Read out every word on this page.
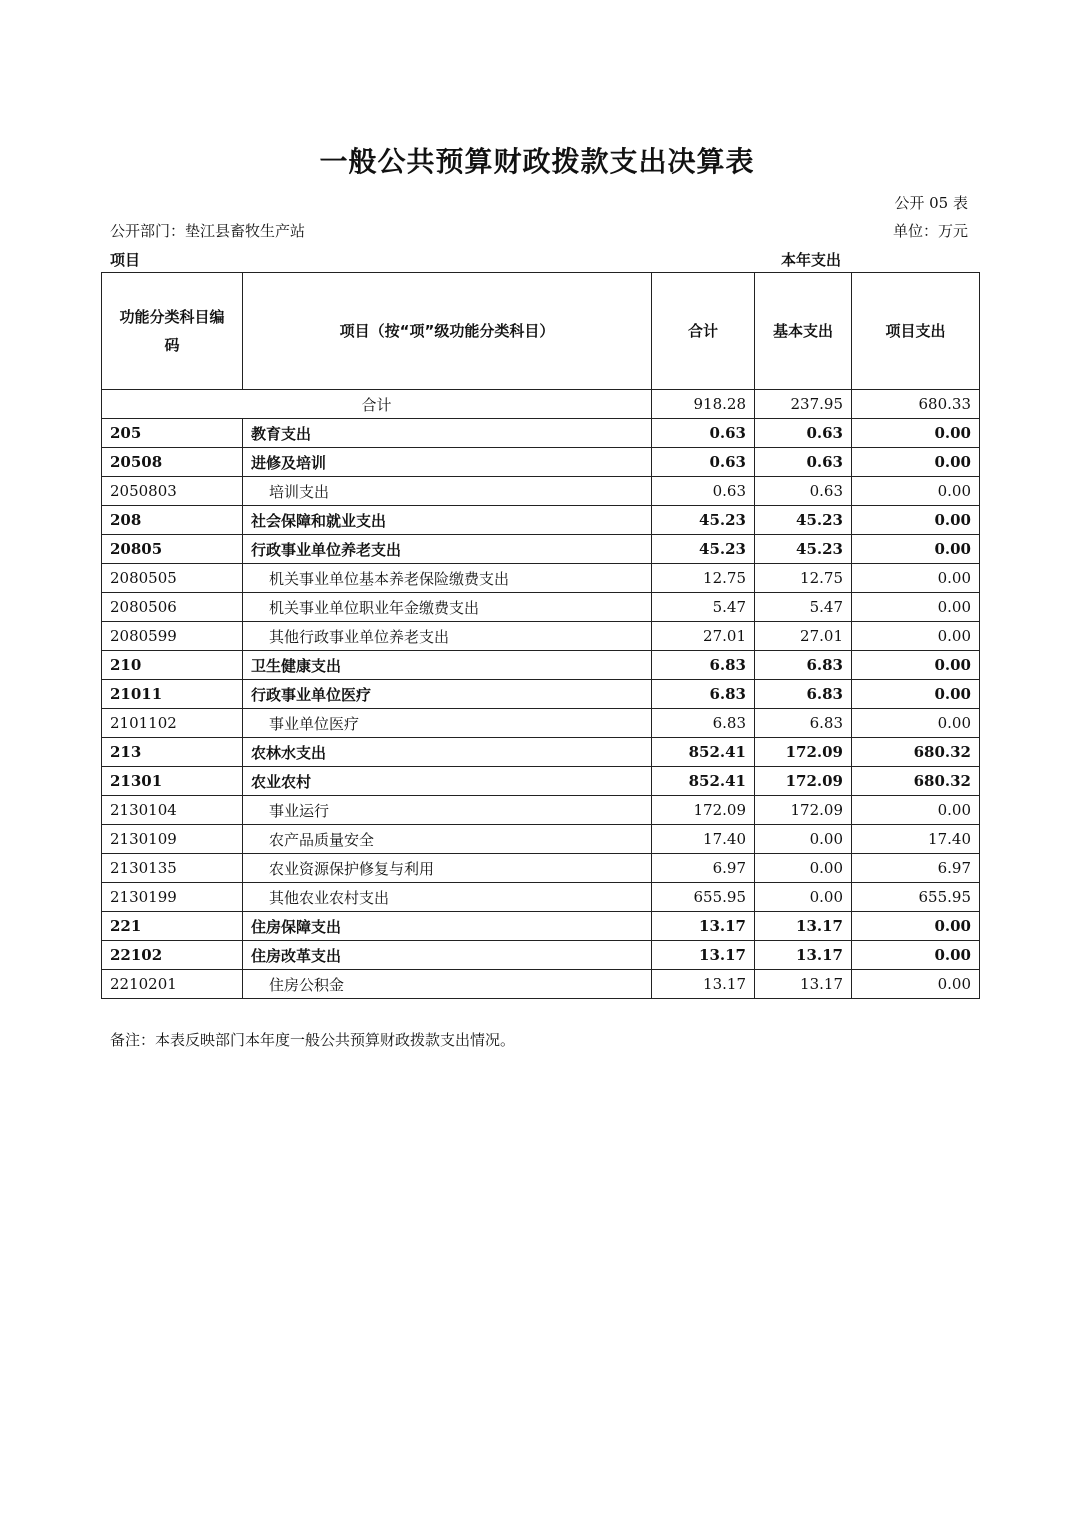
一般公共预算财政拨款支出决算表
公开 05 表
公开部门：垫江县畜牧生产站	单位：万元
项目	本年支出
功能分类科目编码	项目（按“项”级功能分类科目）	合计	基本支出	项目支出
合计		918.28	237.95	680.33
205	教育支出	0.63	0.63	0.00
20508	进修及培训	0.63	0.63	0.00
2050803	培训支出	0.63	0.63	0.00
208	社会保障和就业支出	45.23	45.23	0.00
20805	行政事业单位养老支出	45.23	45.23	0.00
2080505	机关事业单位基本养老保险缴费支出	12.75	12.75	0.00
2080506	机关事业单位职业年金缴费支出	5.47	5.47	0.00
2080599	其他行政事业单位养老支出	27.01	27.01	0.00
210	卫生健康支出	6.83	6.83	0.00
21011	行政事业单位医疗	6.83	6.83	0.00
2101102	事业单位医疗	6.83	6.83	0.00
213	农林水支出	852.41	172.09	680.32
21301	农业农村	852.41	172.09	680.32
2130104	事业运行	172.09	172.09	0.00
2130109	农产品质量安全	17.40	0.00	17.40
2130135	农业资源保护修复与利用	6.97	0.00	6.97
2130199	其他农业农村支出	655.95	0.00	655.95
221	住房保障支出	13.17	13.17	0.00
22102	住房改革支出	13.17	13.17	0.00
2210201	住房公积金	13.17	13.17	0.00
备注：本表反映部门本年度一般公共预算财政拨款支出情况。
